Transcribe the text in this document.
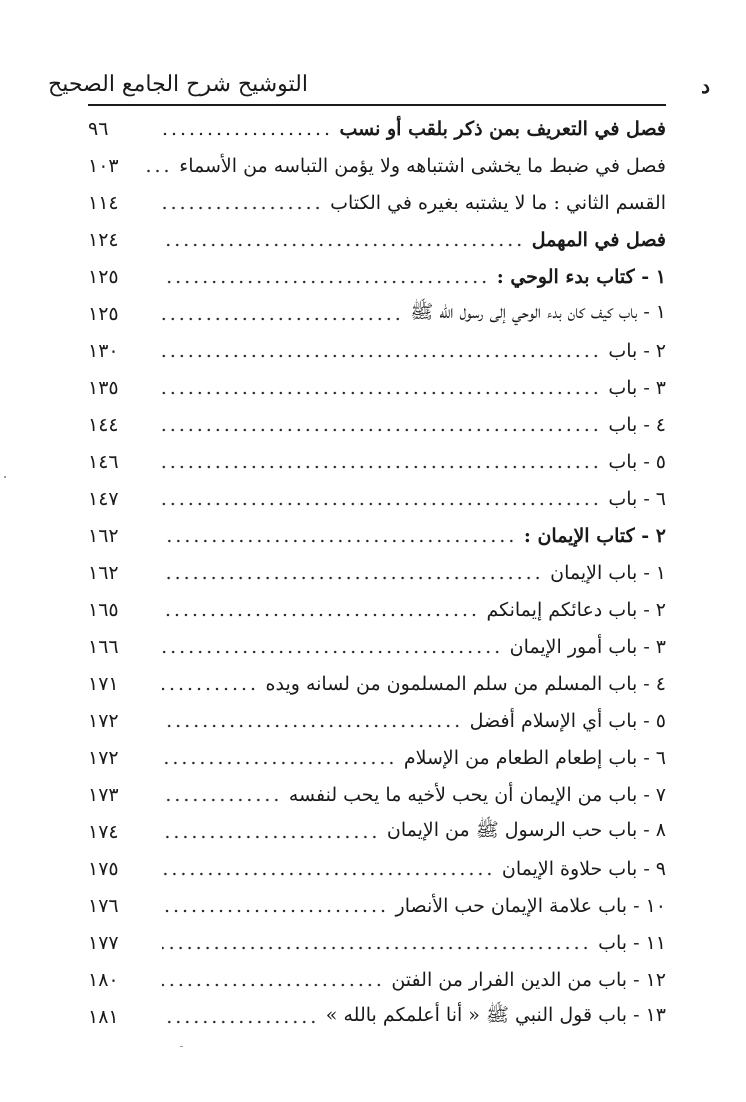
د
التوشيح شرح الجامع الصحيح
فصل في التعريف بمن ذكر بلقب أو نسب
٩٦
فصل في ضبط ما يخشى اشتباهه ولا يؤمن التباسه من الأسماء
١٠٣
القسم الثاني : ما لا يشتبه بغيره في الكتاب
١١٤
فصل في المهمل
١٢٤
١ - كتاب بدء الوحي :
١٢٥
١ - باب كيف كان بدء الوحي إلى رسول الله ﷺ
١٢٥
٢ - باب
١٣٠
٣ - باب
١٣٥
٤ - باب
١٤٤
٥ - باب
١٤٦
٦ - باب
١٤٧
٢ - كتاب الإيمان :
١٦٢
١ - باب الإيمان
١٦٢
٢ - باب دعائكم إيمانكم
١٦٥
٣ - باب أمور الإيمان
١٦٦
٤ - باب المسلم من سلم المسلمون من لسانه ويده
١٧١
٥ - باب أي الإسلام أفضل
١٧٢
٦ - باب إطعام الطعام من الإسلام
١٧٢
٧ - باب من الإيمان أن يحب لأخيه ما يحب لنفسه
١٧٣
٨ - باب حب الرسول ﷺ من الإيمان
١٧٤
٩ - باب حلاوة الإيمان
١٧٥
١٠ - باب علامة الإيمان حب الأنصار
١٧٦
١١ - باب
١٧٧
١٢ - باب من الدين الفرار من الفتن
١٨٠
١٣ - باب قول النبي ﷺ « أنا أعلمكم بالله »
١٨١
